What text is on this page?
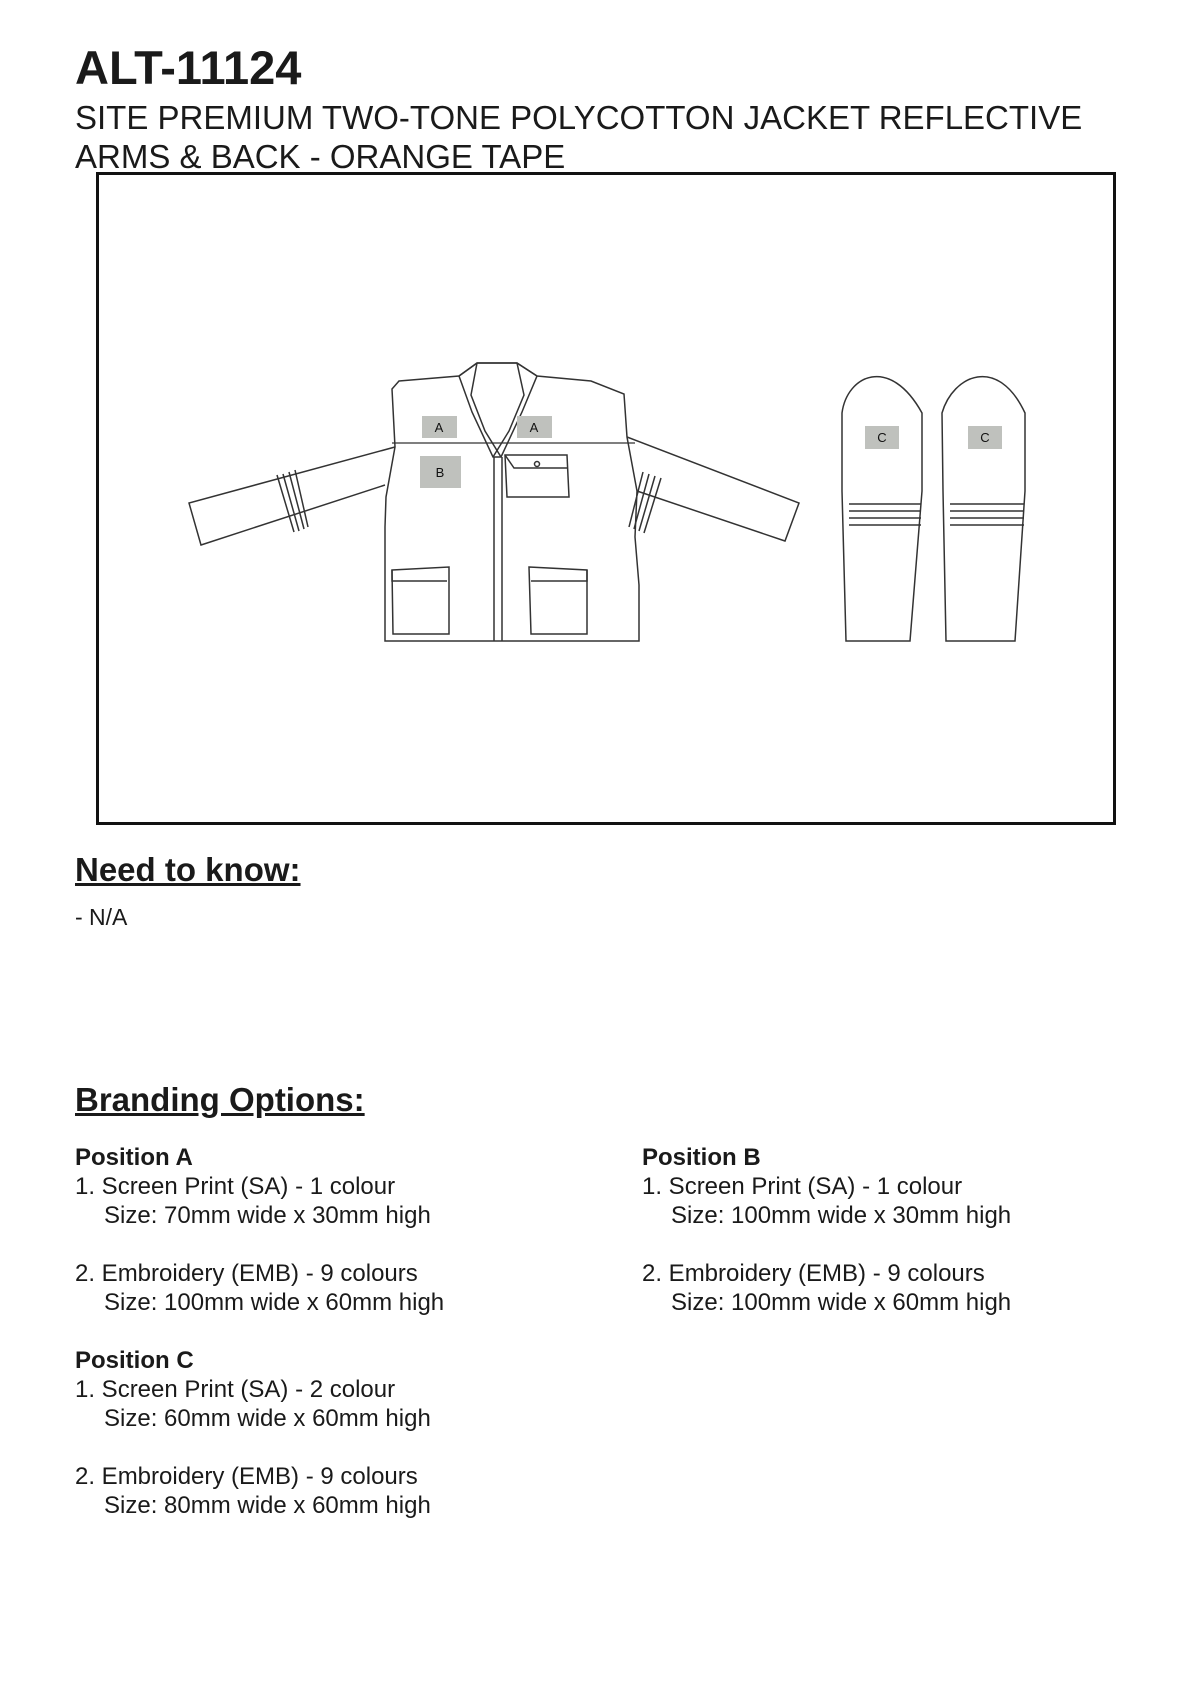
ALT-11124

SITE PREMIUM TWO-TONE POLYCOTTON JACKET REFLECTIVE ARMS & BACK - ORANGE TAPE

A	A
B
C	C
Need to know:

- N/A

Branding Options:
Position A
1. Screen Print (SA) - 1 colour
Size: 70mm wide x 30mm high
2. Embroidery (EMB) - 9 colours
Size: 100mm wide x 60mm high
Position C
1. Screen Print (SA) - 2 colour
Size: 60mm wide x 60mm high
2. Embroidery (EMB) - 9 colours
Size: 80mm wide x 60mm high
Position B
1. Screen Print (SA) - 1 colour
Size: 100mm wide x 30mm high
2. Embroidery (EMB) - 9 colours
Size: 100mm wide x 60mm high
